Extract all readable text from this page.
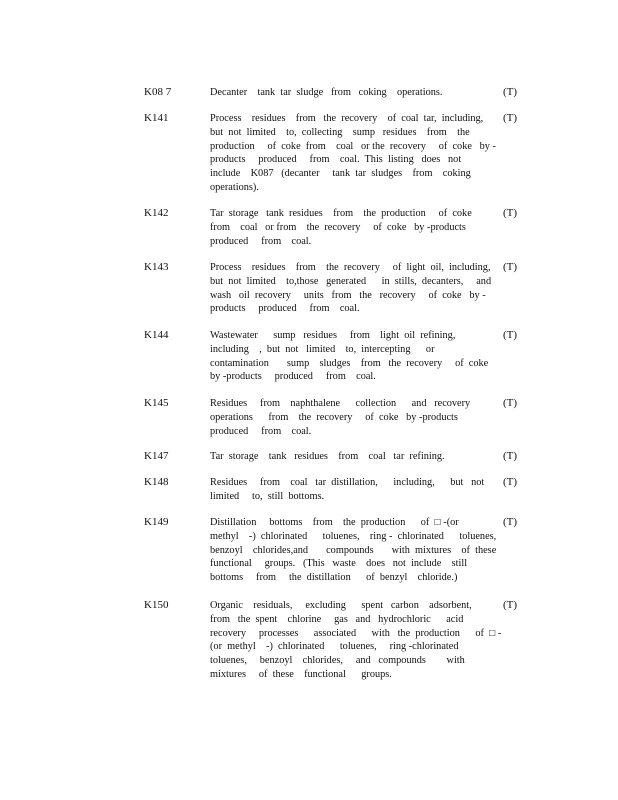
K08 7	Decanter    tank  tar  sludge   from   coking    operations.	(T)
K141	Process    residues    from   the  recovery    of  coal  tar,  including,
but  not  limited    to,  collecting    sump   residues    from    the
production     of  coke  from    coal   or the  recovery     of  coke   by -
products     produced     from    coal.  This  listing   does   not
include    K087   (decanter     tank  tar  sludges    from    coking
operations).
(T)
K142	Tar  storage   tank  residues    from    the  production     of  coke
from    coal   or from    the  recovery     of  coke   by -products
produced     from    coal.
(T)
K143	Process    residues    from    the  recovery     of  light  oil,  including,
but  not  limited    to,those   generated      in  stills,  decanters,     and
wash   oil  recovery     units   from   the   recovery     of  coke   by -
products     produced     from    coal.
(T)
K144	Wastewater      sump   residues     from    light  oil  refining,
including    ,  but  not   limited    to,  intercepting      or
contamination       sump    sludges    from   the  recovery     of  coke
by -products     produced     from    coal.
(T)
K145	Residues     from    naphthalene      collection      and   recovery
operations      from    the  recovery     of  coke   by -products
produced     from    coal.
(T)
K147	Tar  storage    tank   residues    from    coal   tar  refining.	(T)
K148	Residues     from    coal   tar  distillation,      including,      but   not
limited     to,  still  bottoms.
(T)
K149	Distillation     bottoms    from    the  production      of  □ -(or
methyl    -)  chlorinated      toluenes,    ring -  chlorinated      toluenes,
benzoyl    chlorides,and       compounds       with  mixtures    of  these
functional     groups.   (This   waste    does   not  include    still
bottoms     from     the  distillation      of  benzyl    chloride.)
(T)
K150	Organic    residuals,     excluding      spent   carbon    adsorbent,
from   the  spent    chlorine     gas   and   hydrochloric      acid
recovery     processes      associated      with   the  production      of  □ -
(or  methyl    -)  chlorinated      toluenes,     ring -chlorinated
toluenes,     benzoyl    chlorides,     and   compounds        with
mixtures     of  these    functional      groups.
(T)
